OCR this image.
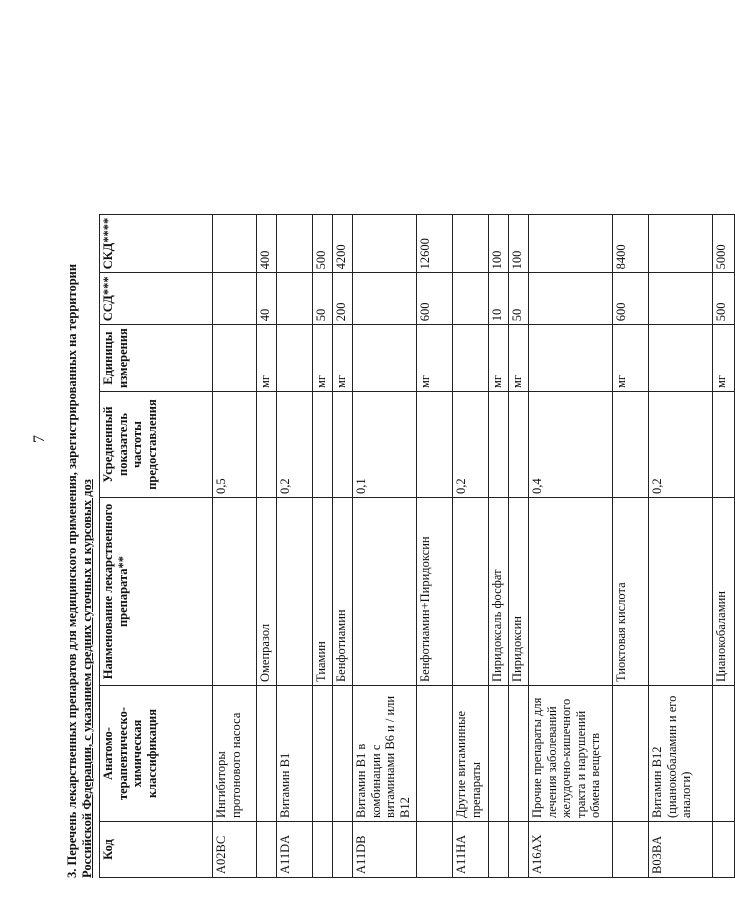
7 3. Перечень лекарственных препаратов для медицинского применения, зарегистрированных на территории Российской Федерации, с указанием средних суточных и курсовых доз Код	Анатомо-терапевтическо-химическая классификация	Наименование лекарственного препарата**	Усредненный показатель частоты предоставления	Единицы измерения	ССД***	СКД****
A02BC	Ингибиторы протонового насоса		0,5			
		Омепразол		мг	40	400
A11DA	Витамин B1		0,2			
		Тиамин		мг	50	500
		Бенфотиамин		мг	200	4200
A11DB	Витамин B1 в комбинации с витаминами B6 и / или B12		0,1			
		Бенфотиамин+Пиридоксин		мг	600	12600
A11HA	Другие витаминные препараты		0,2			
		Пиридоксаль фосфат		мг	10	100
		Пиридоксин		мг	50	100
A16AX	Прочие препараты для лечения заболеваний желудочно-кишечного тракта и нарушений обмена веществ		0,4			
		Тиоктовая кислота		мг	600	8400
B03BA	Витамин B12 (цианокобаламин и его аналоги)		0,2			
		Цианокобаламин		мг	500	5000
